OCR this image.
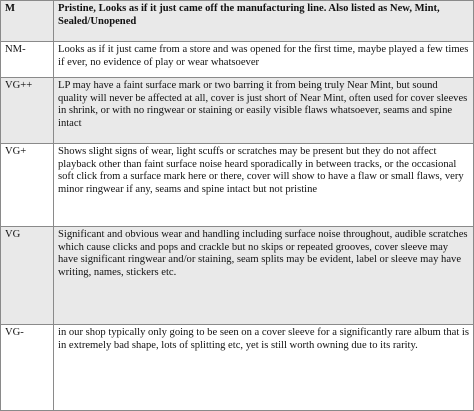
M	Pristine, Looks as if it just came off the manufacturing line. Also listed as New, Mint, Sealed/Unopened
NM-	Looks as if it just came from a store and was opened for the first time, maybe played a few times if ever, no evidence of play or wear whatsoever
VG++	LP may have a faint surface mark or two barring it from being truly Near Mint, but sound quality will never be affected at all, cover is just short of Near Mint, often used for cover sleeves in shrink, or with no ringwear or staining or easily visible flaws whatsoever, seams and spine intact
VG+	Shows slight signs of wear, light scuffs or scratches may be present but they do not affect playback other than faint surface noise heard sporadically in between tracks, or the occasional soft click from a surface mark here or there, cover will show to have a flaw or small flaws, very minor ringwear if any, seams and spine intact but not pristine
VG	Significant and obvious wear and handling including surface noise throughout, audible scratches which cause clicks and pops and crackle but no skips or repeated grooves, cover sleeve may have significant ringwear and/or staining, seam splits may be evident, label or sleeve may have writing, names, stickers etc.
VG-	in our shop typically only going to be seen on a cover sleeve for a significantly rare album that is in extremely bad shape, lots of splitting etc, yet is still worth owning due to its rarity.
